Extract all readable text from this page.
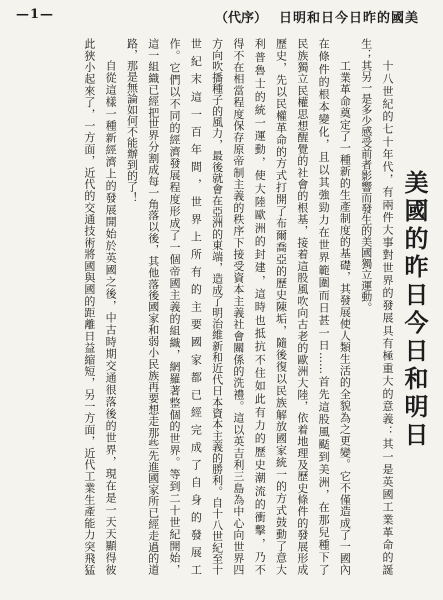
—1—	（代序） 美國的昨日今日和明日
美國的昨日今日和明日
十八世紀的七十年代，有兩件大事對世界的發展具有極重大的意義：其一是英國工業革命的誕
生；其另一是多少感受前者影響而發生的美國獨立運動。
工業革命奠定了一種新的生產制度的基礎，其發展使人類生活的全貌為之更變。它不僅造成了一國內
在條件的根本變化，且以其強勁力在世界範圍而日甚一日……首先這股風颳到美洲，在那兒種下了
民族獨立民權思想醒覺的社會的根基，接着這股風吹向古老的歐洲大陸，依着地理及歷史條件的發展形成
歷史，先以民權革命的方式打開了布爾喬亞的歷史陳垢，隨後復以民族解放國家統一的方式鼓動了意大
利普魯士的統一運動，使大陸歐洲的封建，這時也抵抗不住如此有力的歷史潮流的衝擊，乃不
得不在相當程度保存原帝制主義的秩序下接受資本主義社會關係的洗禮。這以英吉利三島為中心向世界四
方向吹播種子的風力，最後就會在亞洲的東端，造成了明治維新和近代日本資本主義的勝利。自十八世紀至十
世紀末這一百年間，世界上所有的主要國家都已經完成了自身的發展工
作。它們以不同的經濟發展程度形成了一個帝國主義的組織，網羅著整個的世界。等到二十世紀開始，
這一組織已經把世界分割成每一角落以後，其他落後國家和弱小民族再要想走那些先進國家所已經走過的道
路，那是無論如何不能辦到的了！
自從這樣一種新經濟上的發展開始於英國之後，中古時期交通很落後的世界，現在是一天天顯得彼
此狹小起來了，一方面，近代的交通技術將國與國的距離日益縮短，另一方面，近代工業生產能力突飛猛
